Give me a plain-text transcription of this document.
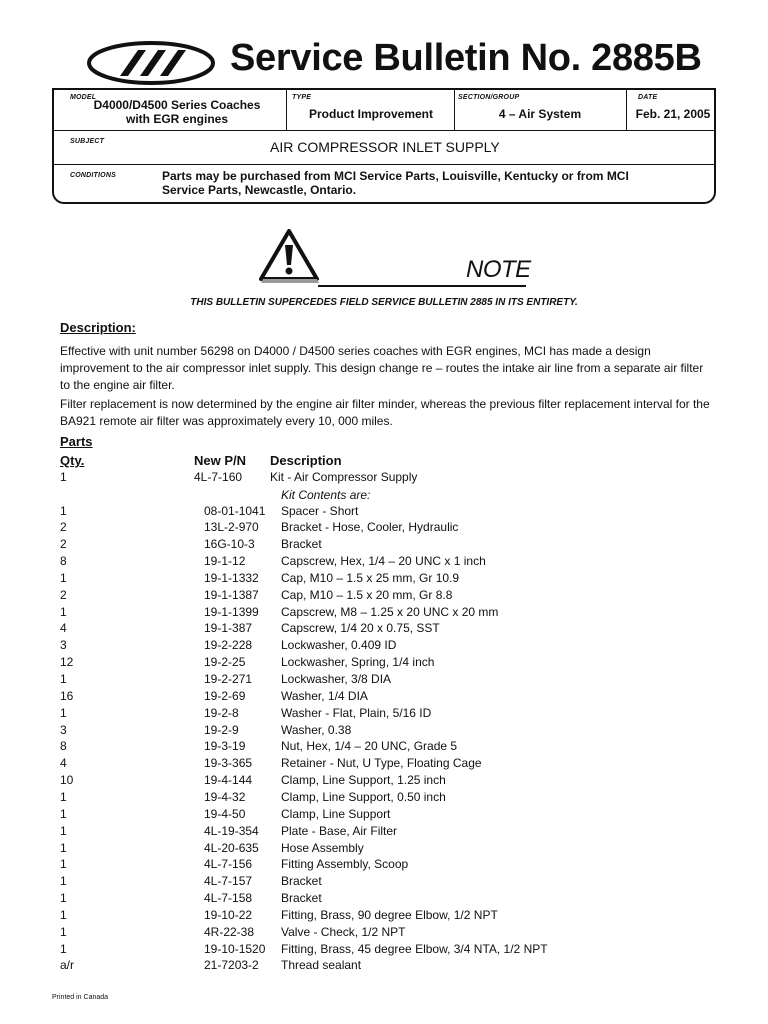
Service Bulletin No. 2885B
MODEL
D4000/D4500 Series Coaches
with EGR engines
TYPE
Product Improvement
SECTION/GROUP
4 – Air System
DATE
Feb. 21, 2005
SUBJECT	AIR COMPRESSOR INLET SUPPLY
CONDITIONS	Parts may be purchased from MCI Service Parts, Louisville, Kentucky or from MCI
Service Parts, Newcastle, Ontario.
NOTE
THIS BULLETIN SUPERCEDES FIELD SERVICE BULLETIN 2885 IN ITS ENTIRETY.
Description:
Effective with unit number 56298 on D4000 / D4500 series coaches with EGR engines, MCI has made a design improvement to the air compressor inlet supply. This design change re – routes the intake air line from a separate air filter to the engine air filter.
Filter replacement is now determined by the engine air filter minder, whereas the previous filter replacement interval for the BA921 remote air filter was approximately every 10, 000 miles.
Parts
Qty.	New P/N Description
1	4L-7-160 Kit - Air Compressor Supply
Kit Contents are:
1	08-01-1041 Spacer - Short
2	13L-2-970 Bracket - Hose, Cooler, Hydraulic
2	16G-10-3 Bracket
8	19-1-12	Capscrew, Hex, 1/4 – 20 UNC x 1 inch
1	19-1-1332 Cap, M10 – 1.5 x 25 mm, Gr 10.9
2	19-1-1387 Cap, M10 – 1.5 x 20 mm, Gr 8.8
1	19-1-1399 Capscrew, M8 – 1.25 x 20 UNC x 20 mm
4	19-1-387 Capscrew, 1/4 20 x 0.75, SST
3	19-2-228 Lockwasher, 0.409 ID
12	19-2-25	Lockwasher, Spring, 1/4 inch
1	19-2-271 Lockwasher, 3/8 DIA
16	19-2-69	Washer, 1/4 DIA
1	19-2-8	Washer - Flat, Plain, 5/16 ID
3	19-2-9	Washer, 0.38
8	19-3-19	Nut, Hex, 1/4 – 20 UNC, Grade 5
4	19-3-365 Retainer - Nut, U Type, Floating Cage
10	19-4-144 Clamp, Line Support, 1.25 inch
1	19-4-32	Clamp, Line Support, 0.50 inch
1	19-4-50	Clamp, Line Support
1	4L-19-354 Plate - Base, Air Filter
1	4L-20-635 Hose Assembly
1	4L-7-156 Fitting Assembly, Scoop
1	4L-7-157 Bracket
1	4L-7-158 Bracket
1	19-10-22 Fitting, Brass, 90 degree Elbow, 1/2 NPT
1	4R-22-38 Valve - Check, 1/2 NPT
1	19-10-1520 Fitting, Brass, 45 degree Elbow, 3/4 NTA, 1/2 NPT
a/r	21-7203-2 Thread sealant
Printed in Canada
